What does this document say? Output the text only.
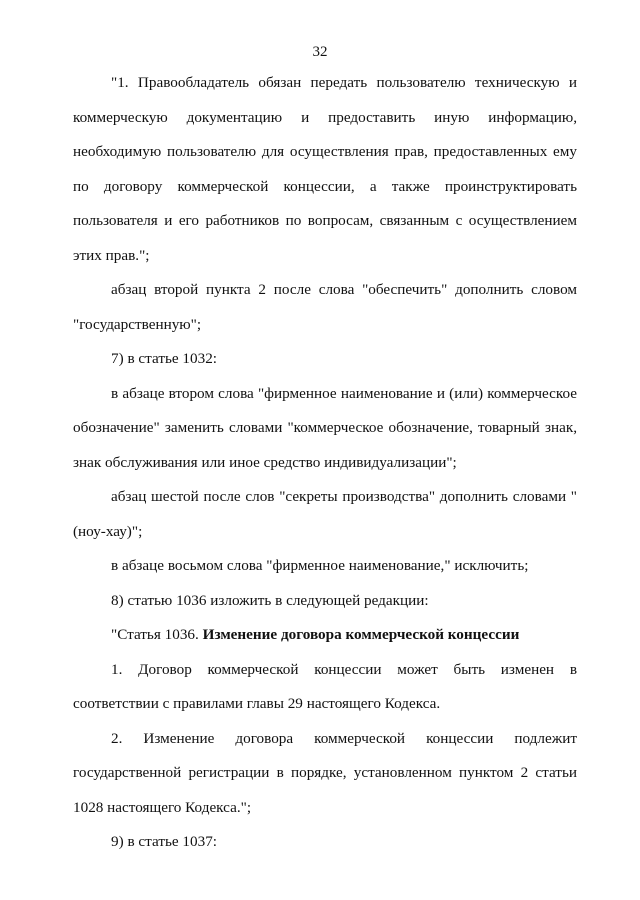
32

"1. Правообладатель обязан передать пользователю техническую и коммерческую документацию и предоставить иную информацию, необходимую пользователю для осуществления прав, предоставленных ему по договору коммерческой концессии, а также проинструктировать пользователя и его работников по вопросам, связанным с осуществлением этих прав.";

абзац второй пункта 2 после слова "обеспечить" дополнить словом "государственную";

7) в статье 1032:

в абзаце втором слова "фирменное наименование и (или) коммерческое обозначение" заменить словами "коммерческое обозначение, товарный знак, знак обслуживания или иное средство индивидуализации";

абзац шестой после слов "секреты производства" дополнить словами "(ноу-хау)";

в абзаце восьмом слова "фирменное наименование," исключить;

8) статью 1036 изложить в следующей редакции:

"Статья 1036. Изменение договора коммерческой концессии

1. Договор коммерческой концессии может быть изменен в соответствии с правилами главы 29 настоящего Кодекса.

2. Изменение договора коммерческой концессии подлежит государственной регистрации в порядке, установленном пунктом 2 статьи 1028 настоящего Кодекса.";

9) в статье 1037:
